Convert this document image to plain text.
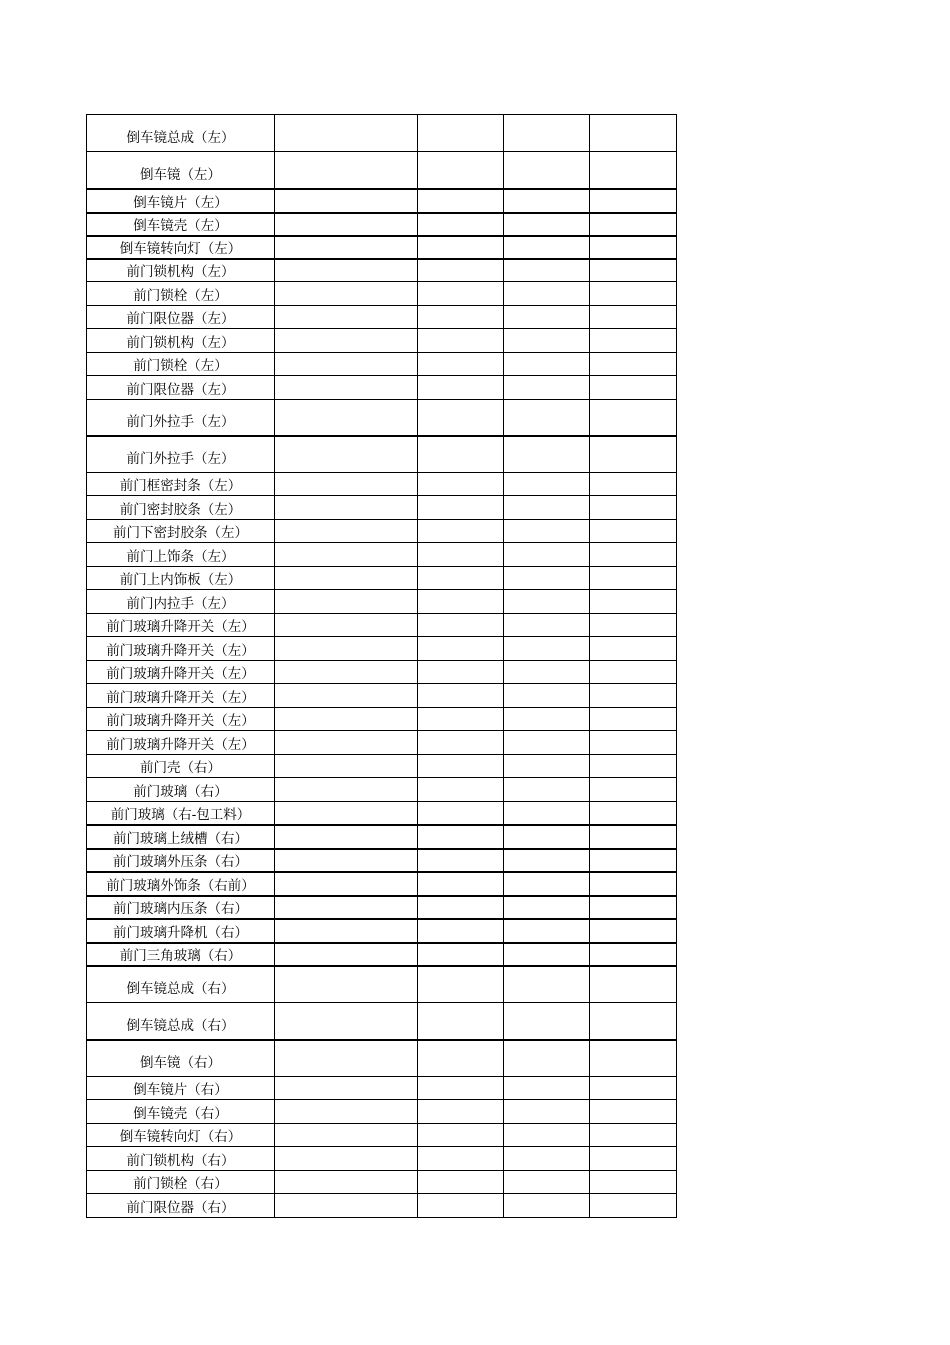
倒车镜总成（左）				
倒车镜（左）				
倒车镜片（左）				
倒车镜壳（左）				
倒车镜转向灯（左）				
前门锁机构（左）				
前门锁栓（左）				
前门限位器（左）				
前门锁机构（左）				
前门锁栓（左）				
前门限位器（左）				
前门外拉手（左）				
前门外拉手（左）				
前门框密封条（左）				
前门密封胶条（左）				
前门下密封胶条（左）				
前门上饰条（左）				
前门上内饰板（左）				
前门内拉手（左）				
前门玻璃升降开关（左）				
前门玻璃升降开关（左）				
前门玻璃升降开关（左）				
前门玻璃升降开关（左）				
前门玻璃升降开关（左）				
前门玻璃升降开关（左）				
前门壳（右）				
前门玻璃（右）				
前门玻璃（右-包工料）				
前门玻璃上绒槽（右）				
前门玻璃外压条（右）				
前门玻璃外饰条（右前）				
前门玻璃内压条（右）				
前门玻璃升降机（右）				
前门三角玻璃（右）				
倒车镜总成（右）				
倒车镜总成（右）				
倒车镜（右）				
倒车镜片（右）				
倒车镜壳（右）				
倒车镜转向灯（右）				
前门锁机构（右）				
前门锁栓（右）				
前门限位器（右）				
